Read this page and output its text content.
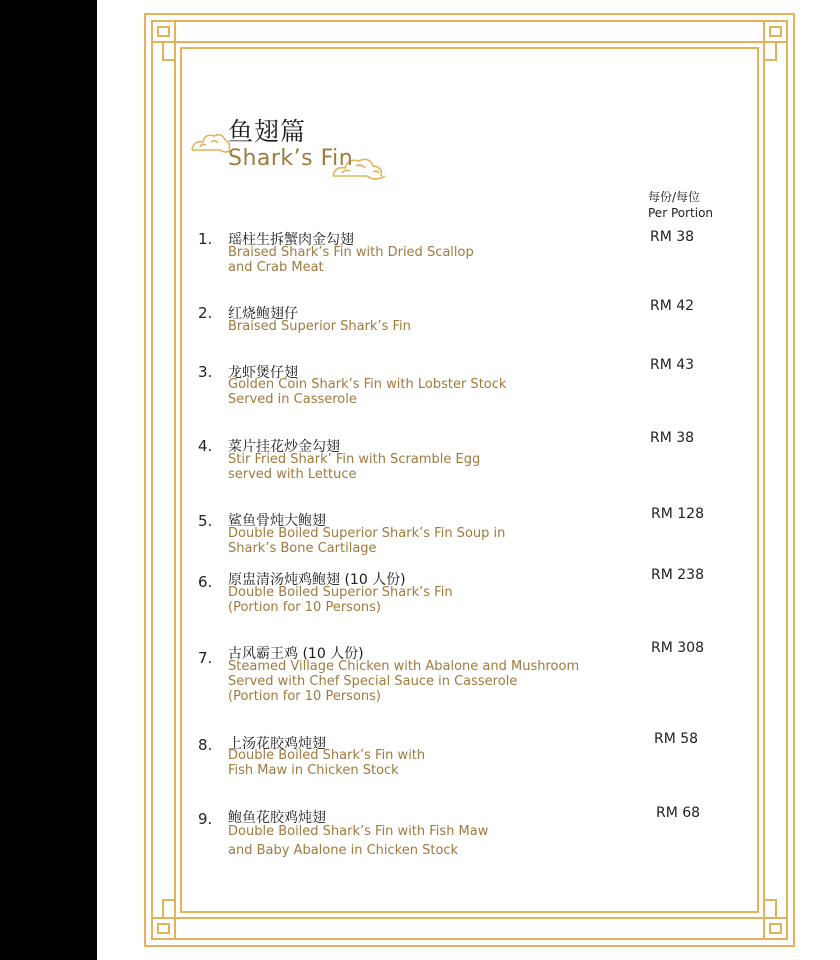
鱼翅篇
Shark’s Fin
每份/每位
Per Portion
1. 瑶柱生拆蟹肉金勾翅
Braised Shark’s Fin with Dried Scallop
and Crab Meat
RM 38
2. 红烧鲍翅仔
Braised Superior Shark’s Fin
RM 42
3. 龙虾煲仔翅
Golden Coin Shark’s Fin with Lobster Stock
Served in Casserole
RM 43
4. 菜片挂花炒金勾翅
Stir Fried Shark’ Fin with Scramble Egg
served with Lettuce
RM 38
5. 鲨鱼骨炖大鲍翅
Double Boiled Superior Shark’s Fin Soup in
Shark’s Bone Cartilage
RM 128
6. 原盅清汤炖鸡鲍翅 (10 人份)
Double Boiled Superior Shark’s Fin
(Portion for 10 Persons)
RM 238
7. 古风霸王鸡 (10 人份)
Steamed Village Chicken with Abalone and Mushroom
Served with Chef Special Sauce in Casserole
(Portion for 10 Persons)
RM 308
8. 上汤花胶鸡炖翅
Double Boiled Shark’s Fin with
Fish Maw in Chicken Stock
RM 58
9. 鲍鱼花胶鸡炖翅
Double Boiled Shark’s Fin with Fish Maw
and Baby Abalone in Chicken Stock
RM 68
